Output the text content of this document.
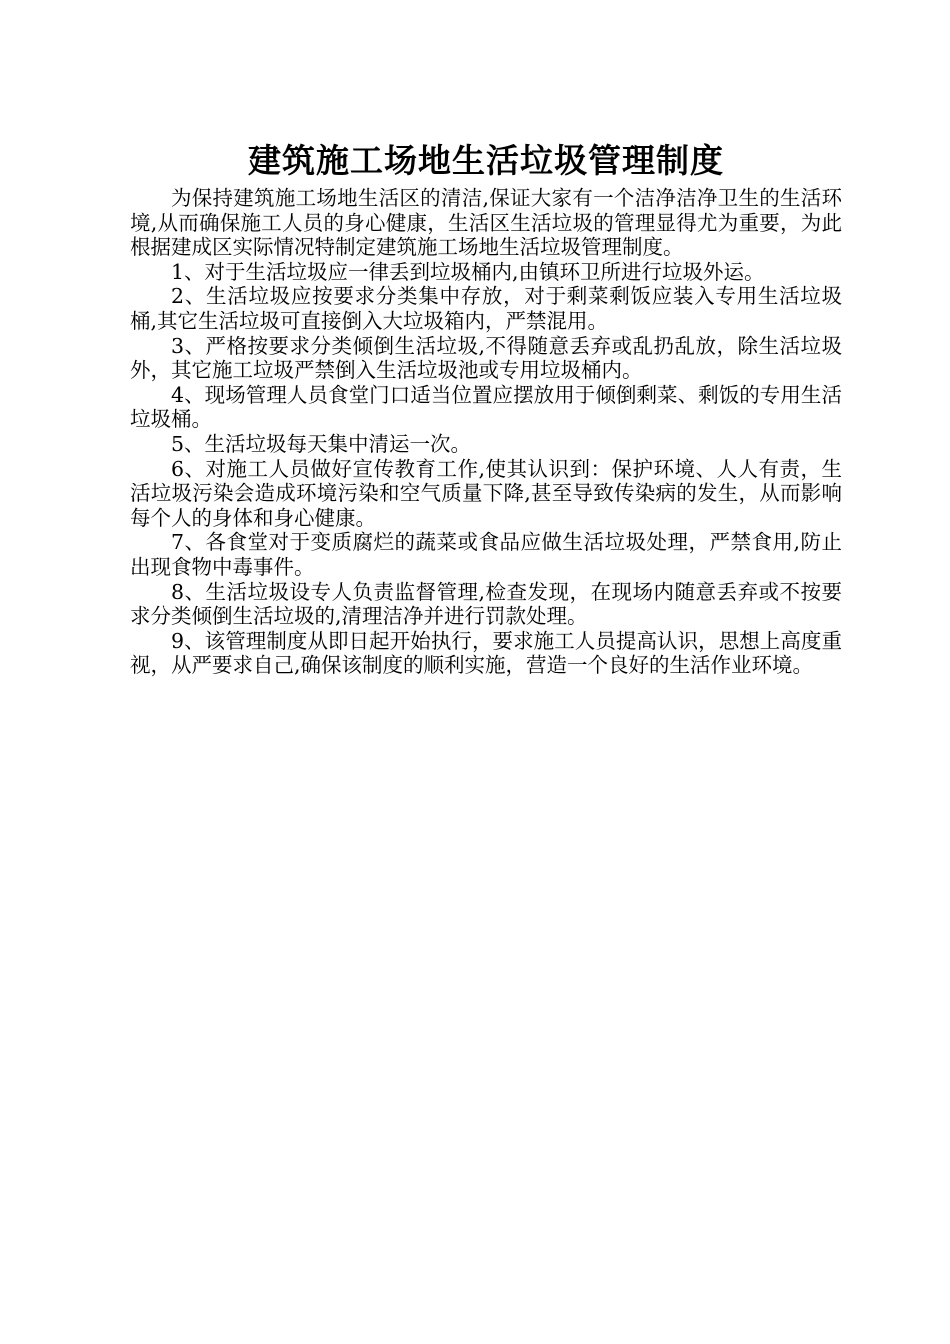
建筑施工场地生活垃圾管理制度

为保持建筑施工场地生活区的清洁,保证大家有一个洁净洁净卫生的生活环境,从而确保施工人员的身心健康，生活区生活垃圾的管理显得尤为重要，为此根据建成区实际情况特制定建筑施工场地生活垃圾管理制度。

1、对于生活垃圾应一律丢到垃圾桶内,由镇环卫所进行垃圾外运。

2、生活垃圾应按要求分类集中存放，对于剩菜剩饭应装入专用生活垃圾桶,其它生活垃圾可直接倒入大垃圾箱内，严禁混用。

3、严格按要求分类倾倒生活垃圾,不得随意丢弃或乱扔乱放，除生活垃圾外，其它施工垃圾严禁倒入生活垃圾池或专用垃圾桶内。

4、现场管理人员食堂门口适当位置应摆放用于倾倒剩菜、剩饭的专用生活垃圾桶。

5、生活垃圾每天集中清运一次。

6、对施工人员做好宣传教育工作,使其认识到：保护环境、人人有责，生活垃圾污染会造成环境污染和空气质量下降,甚至导致传染病的发生，从而影响每个人的身体和身心健康。

7、各食堂对于变质腐烂的蔬菜或食品应做生活垃圾处理，严禁食用,防止出现食物中毒事件。

8、生活垃圾设专人负责监督管理,检查发现，在现场内随意丢弃或不按要求分类倾倒生活垃圾的,清理洁净并进行罚款处理。

9、该管理制度从即日起开始执行，要求施工人员提高认识，思想上高度重视，从严要求自己,确保该制度的顺利实施，营造一个良好的生活作业环境。
